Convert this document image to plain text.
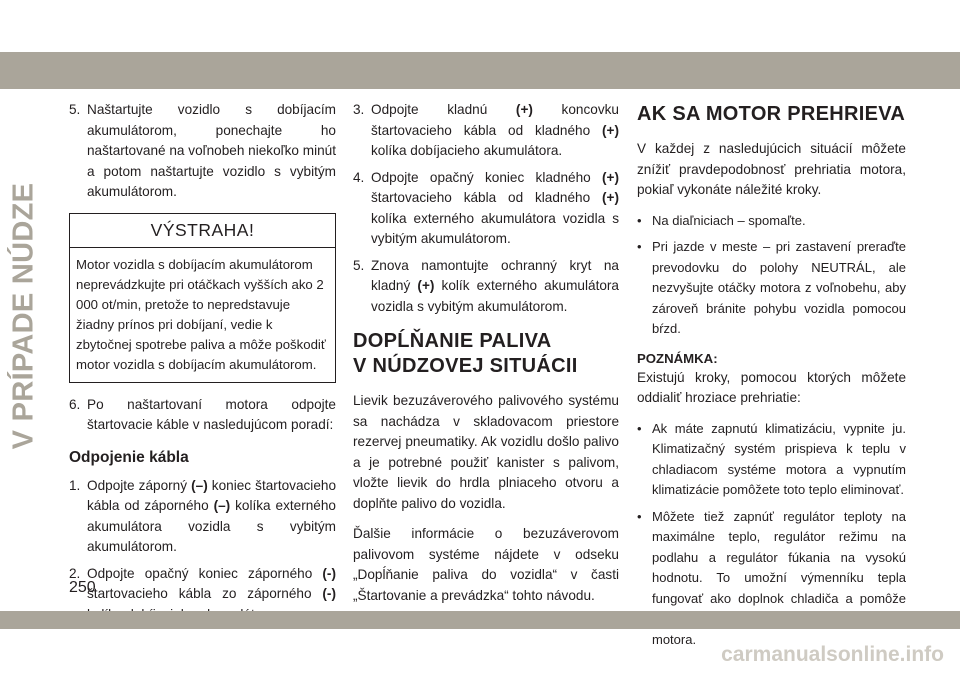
V PRÍPADE NÚDZE
5. Naštartujte vozidlo s dobíjacím akumulátorom, ponechajte ho naštartované na voľnobeh niekoľko minút a potom naštartujte vozidlo s vybitým akumulátorom.
VÝSTRAHA!
Motor vozidla s dobíjacím akumulátorom neprevádzkujte pri otáčkach vyšších ako 2 000 ot/min, pretože to nepredstavuje žiadny prínos pri dobíjaní, vedie k zbytočnej spotrebe paliva a môže poškodiť motor vozidla s dobíjacím akumulátorom.
6. Po naštartovaní motora odpojte štartovacie káble v nasledujúcom poradí:
Odpojenie kábla
1. Odpojte záporný (–) koniec štartovacieho kábla od záporného (–) kolíka externého akumulátora vozidla s vybitým akumulátorom.
2. Odpojte opačný koniec záporného (-) štartovacieho kábla zo záporného (-)
3. Odpojte kladnú (+) koncovku štartovacieho kábla od kladného (+) kolíka dobíjacieho akumulátora.
4. Odpojte opačný koniec kladného (+) štartovacieho kábla od kladného (+) kolíka externého akumulátora vozidla s vybitým akumulátorom.
5. Znova namontujte ochranný kryt na kladný (+) kolík externého akumulátora vozidla s vybitým akumulátorom.
DOPĹŇANIE PALIVA
V NÚDZOVEJ SITUÁCII

Lievik bezuzáverového palivového systému sa nachádza v skladovacom priestore rezervej pneumatiky. Ak vozidlu došlo palivo a je potrebné použiť kanister s palivom, vložte lievik do hrdla plniaceho otvoru a doplňte palivo do vozidla.

Ďalšie informácie o bezuzáverovom palivovom systéme nájdete v odseku „Dopĺňanie paliva do vozidla“ v časti „Štartovanie a prevádzka“ tohto návodu.

AK SA MOTOR PREHRIEVA

V každej z nasledujúcich situácií môžete znížiť pravdepodobnosť prehriatia motora, pokiaľ vykonáte náležité kroky.

• Na diaľniciach – spomaľte.
• Pri jazde v meste – pri zastavení preraďte prevodovku do polohy NEUTRÁL, ale nezvyšujte otáčky motora z voľnobehu, aby zároveň bránite pohybu vozidla pomocou bŕzd.
POZNÁMKA:

Existujú kroky, pomocou ktorých môžete oddialiť hroziace prehriatie:

• Ak máte zapnutú klimatizáciu, vypnite ju. Klimatizačný systém prispieva k teplu v chladiacom systéme motora a vypnutím klimatizácie pomôžete toto teplo eliminovať.
• Môžete tiež zapnúť regulátor teploty na maximálne teplo, regulátor režimu na podlahu a regulátor fúkania na vysokú hodnotu. To umožní výmenníku tepla fungovať ako doplnok chladiča a pomôže motora.
250
carmanualsonline.info
